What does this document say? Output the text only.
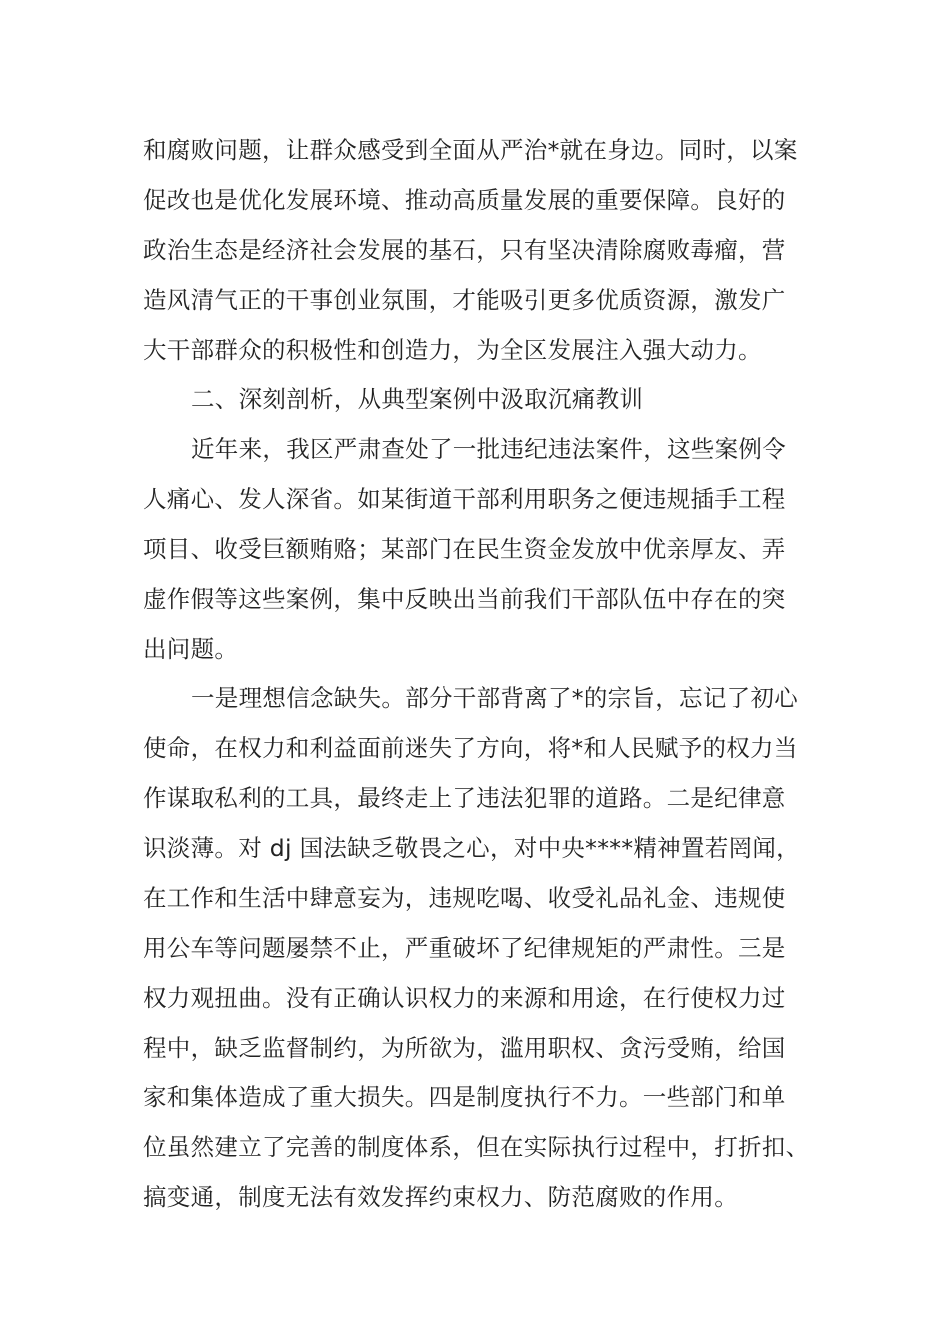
和腐败问题，让群众感受到全面从严治*就在身边。同时，以案
促改也是优化发展环境、推动高质量发展的重要保障。良好的
政治生态是经济社会发展的基石，只有坚决清除腐败毒瘤，营
造风清气正的干事创业氛围，才能吸引更多优质资源，激发广
大干部群众的积极性和创造力，为全区发展注入强大动力。
二、深刻剖析，从典型案例中汲取沉痛教训
近年来，我区严肃查处了一批违纪违法案件，这些案例令
人痛心、发人深省。如某街道干部利用职务之便违规插手工程
项目、收受巨额贿赂；某部门在民生资金发放中优亲厚友、弄
虚作假等这些案例，集中反映出当前我们干部队伍中存在的突
出问题。
一是理想信念缺失。部分干部背离了*的宗旨，忘记了初心
使命，在权力和利益面前迷失了方向，将*和人民赋予的权力当
作谋取私利的工具，最终走上了违法犯罪的道路。二是纪律意
识淡薄。对 dj 国法缺乏敬畏之心，对中央****精神置若罔闻，
在工作和生活中肆意妄为，违规吃喝、收受礼品礼金、违规使
用公车等问题屡禁不止，严重破坏了纪律规矩的严肃性。三是
权力观扭曲。没有正确认识权力的来源和用途，在行使权力过
程中，缺乏监督制约，为所欲为，滥用职权、贪污受贿，给国
家和集体造成了重大损失。四是制度执行不力。一些部门和单
位虽然建立了完善的制度体系，但在实际执行过程中，打折扣、
搞变通，制度无法有效发挥约束权力、防范腐败的作用。
